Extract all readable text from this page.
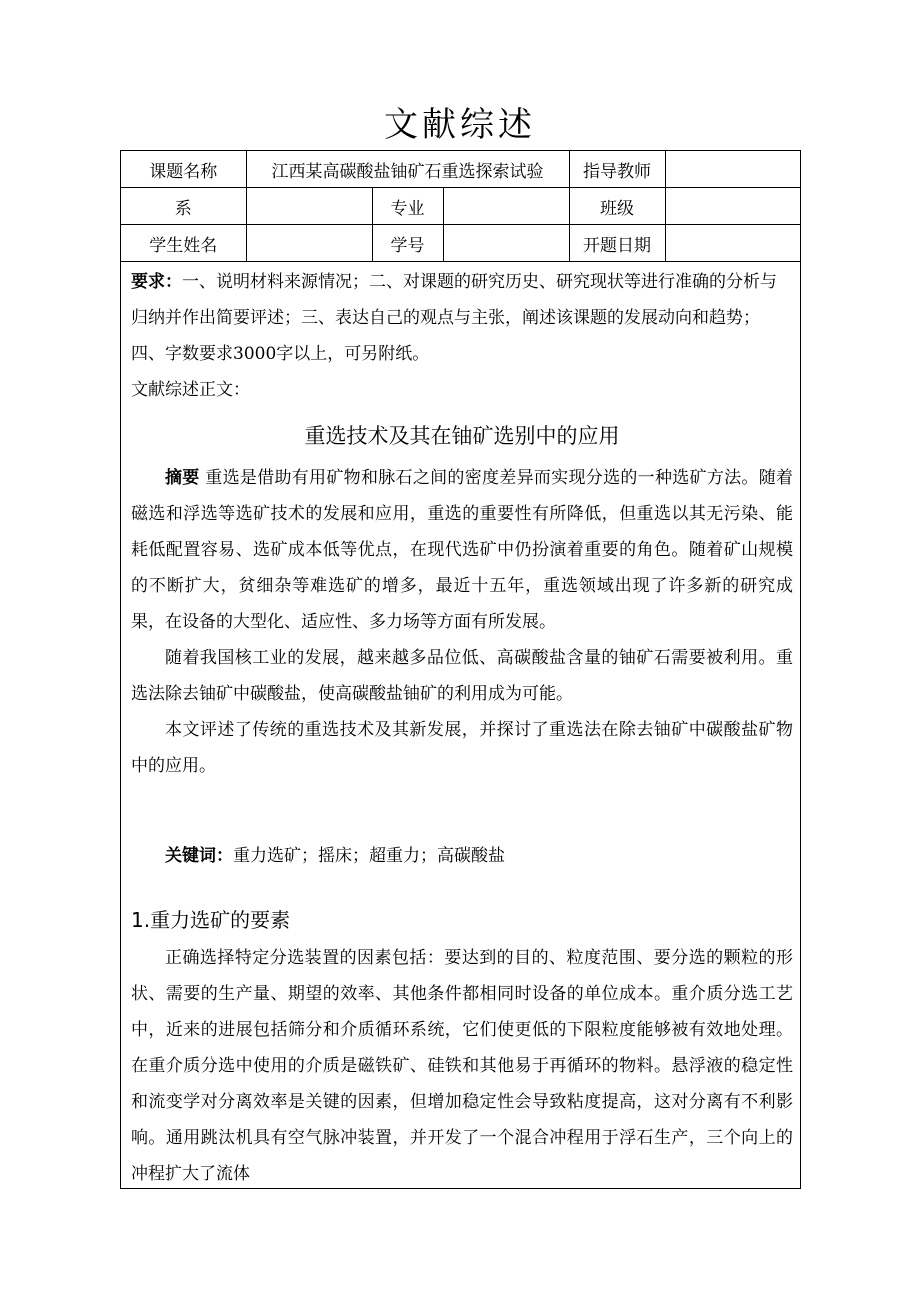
文献综述
课题名称	江西某高碳酸盐铀矿石重选探索试验			指导教师	
系		专业		班级	
学生姓名		学号		开题日期	

要求：一、说明材料来源情况；二、对课题的研究历史、研究现状等进行准确的分析与归纳并作出简要评述；三、表达自己的观点与主张，阐述该课题的发展动向和趋势；四、字数要求3000字以上，可另附纸。

文献综述正文：

重选技术及其在铀矿选别中的应用

摘要 重选是借助有用矿物和脉石之间的密度差异而实现分选的一种选矿方法。随着磁选和浮选等选矿技术的发展和应用，重选的重要性有所降低，但重选以其无污染、能耗低配置容易、选矿成本低等优点，在现代选矿中仍扮演着重要的角色。随着矿山规模的不断扩大，贫细杂等难选矿的增多，最近十五年，重选领域出现了许多新的研究成果，在设备的大型化、适应性、多力场等方面有所发展。

随着我国核工业的发展，越来越多品位低、高碳酸盐含量的铀矿石需要被利用。重选法除去铀矿中碳酸盐，使高碳酸盐铀矿的利用成为可能。

本文评述了传统的重选技术及其新发展，并探讨了重选法在除去铀矿中碳酸盐矿物中的应用。

关键词：重力选矿；摇床；超重力；高碳酸盐

1.重力选矿的要素

正确选择特定分选装置的因素包括：要达到的目的、粒度范围、要分选的颗粒的形状、需要的生产量、期望的效率、其他条件都相同时设备的单位成本。重介质分选工艺中，近来的进展包括筛分和介质循环系统，它们使更低的下限粒度能够被有效地处理。在重介质分选中使用的介质是磁铁矿、硅铁和其他易于再循环的物料。悬浮液的稳定性和流变学对分离效率是关键的因素，但增加稳定性会导致粘度提高，这对分离有不利影响。通用跳汰机具有空气脉冲装置，并开发了一个混合冲程用于浮石生产，三个向上的冲程扩大了流体
